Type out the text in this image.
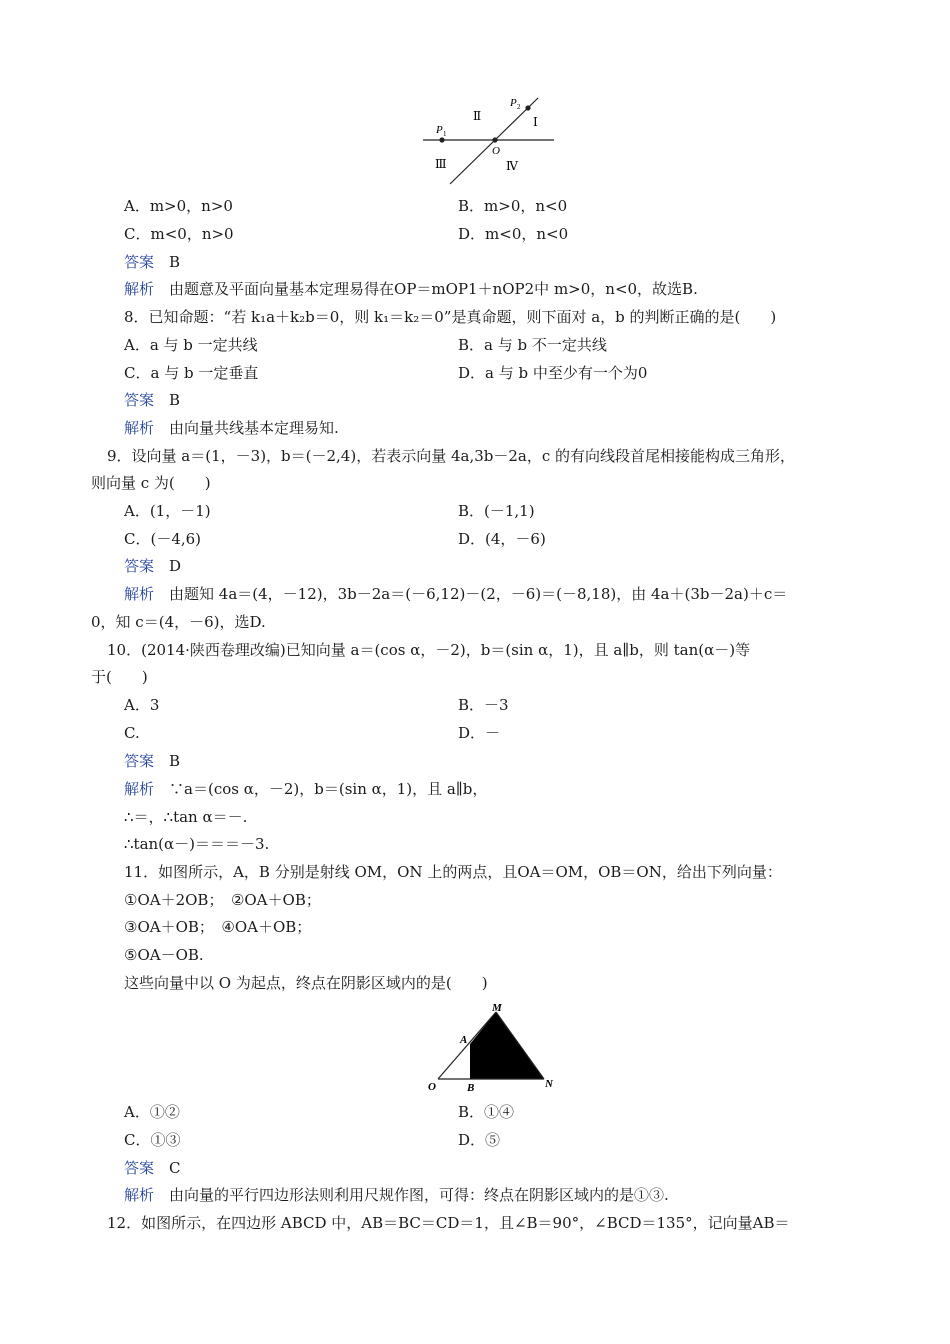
P 1
P 2
O
Ⅱ	Ⅰ
Ⅲ	Ⅳ
A．m>0，n>0	B．m>0，n<0
C．m<0，n>0	D．m<0，n<0
答案　 B
解析　 由题意及平面向量基本定理易得在OP＝mOP1＋nOP2中 m>0，n<0，故选B.
8．已知命题：“若 k₁a＋k₂b＝0，则 k₁＝k₂＝0”是真命题，则下面对 a，b 的判断正确的是(　　)
A．a 与 b 一定共线	B．a 与 b 不一定共线
C．a 与 b 一定垂直	D．a 与 b 中至少有一个为0
答案　 B
解析　 由向量共线基本定理易知.
9．设向量 a＝(1，－3)，b＝(－2,4)，若表示向量 4a,3b－2a，c 的有向线段首尾相接能构成三角形，
则向量 c 为(　　)
A．(1，－1)	B．(－1,1)
C．(－4,6)	D．(4，－6)
答案　 D
解析　 由题知 4a＝(4，－12)，3b－2a＝(－6,12)－(2，－6)＝(－8,18)，由 4a＋(3b－2a)＋c＝
0，知 c＝(4，－6)，选D.
10．(2014·陕西卷理改编)已知向量 a＝(cos α，－2)，b＝(sin α，1)，且 a∥b，则 tan(α－)等
于(　　)
A．3	B．－3
C.	D．－
答案　 B
解析　 ∵a＝(cos α，－2)，b＝(sin α，1)，且 a∥b，
∴＝，∴tan α＝－.
∴tan(α－)＝＝＝－3.
11．如图所示，A，B 分别是射线 OM，ON 上的两点，且OA＝OM，OB＝ON，给出下列向量：
①OA＋2OB；　②OA＋OB；
③OA＋OB；　④OA＋OB；
⑤OA－OB.
这些向量中以 O 为起点，终点在阴影区域内的是(　　)
M
A
O	B	N
A．①②	B．①④
C．①③	D．⑤
答案　 C
解析　 由向量的平行四边形法则利用尺规作图，可得：终点在阴影区域内的是①③.
12．如图所示，在四边形 ABCD 中，AB＝BC＝CD＝1，且∠B＝90°，∠BCD＝135°，记向量AB＝
